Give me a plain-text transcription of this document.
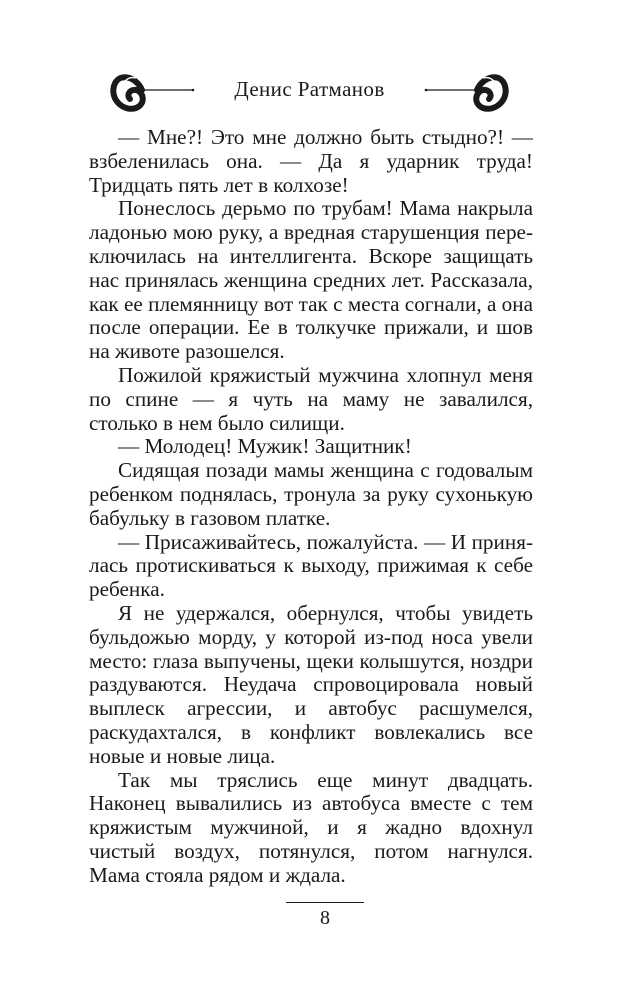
Денис Ратманов

— Мне?! Это мне должно быть стыдно?! — взбеленилась она. — Да я ударник труда! Тридцать пять лет в колхозе!

Понеслось дерьмо по трубам! Мама накрыла ладонью мою руку, а вредная старушенция переключилась на интеллигента. Вскоре защищать нас принялась женщина средних лет. Рассказала, как ее племянницу вот так с места согнали, а она после операции. Ее в толкучке прижали, и шов на животе разошелся.

Пожилой кряжистый мужчина хлопнул меня по спине — я чуть на маму не завалился, столько в нем было силищи.

— Молодец! Мужик! Защитник!

Сидящая позади мамы женщина с годовалым ребенком поднялась, тронула за руку сухонькую бабульку в газовом платке.

— Присаживайтесь, пожалуйста. — И принялась протискиваться к выходу, прижимая к себе ребенка.

Я не удержался, обернулся, чтобы увидеть бульдожью морду, у которой из-под носа увели место: глаза выпучены, щеки колышутся, ноздри раздуваются. Неудача спровоцировала новый выплеск агрессии, и автобус расшумелся, раскудахтался, в конфликт вовлекались все новые и новые лица.

Так мы тряслись еще минут двадцать. Наконец вывалились из автобуса вместе с тем кряжистым мужчиной, и я жадно вдохнул чистый воздух, потянулся, потом нагнулся. Мама стояла рядом и ждала.

8
